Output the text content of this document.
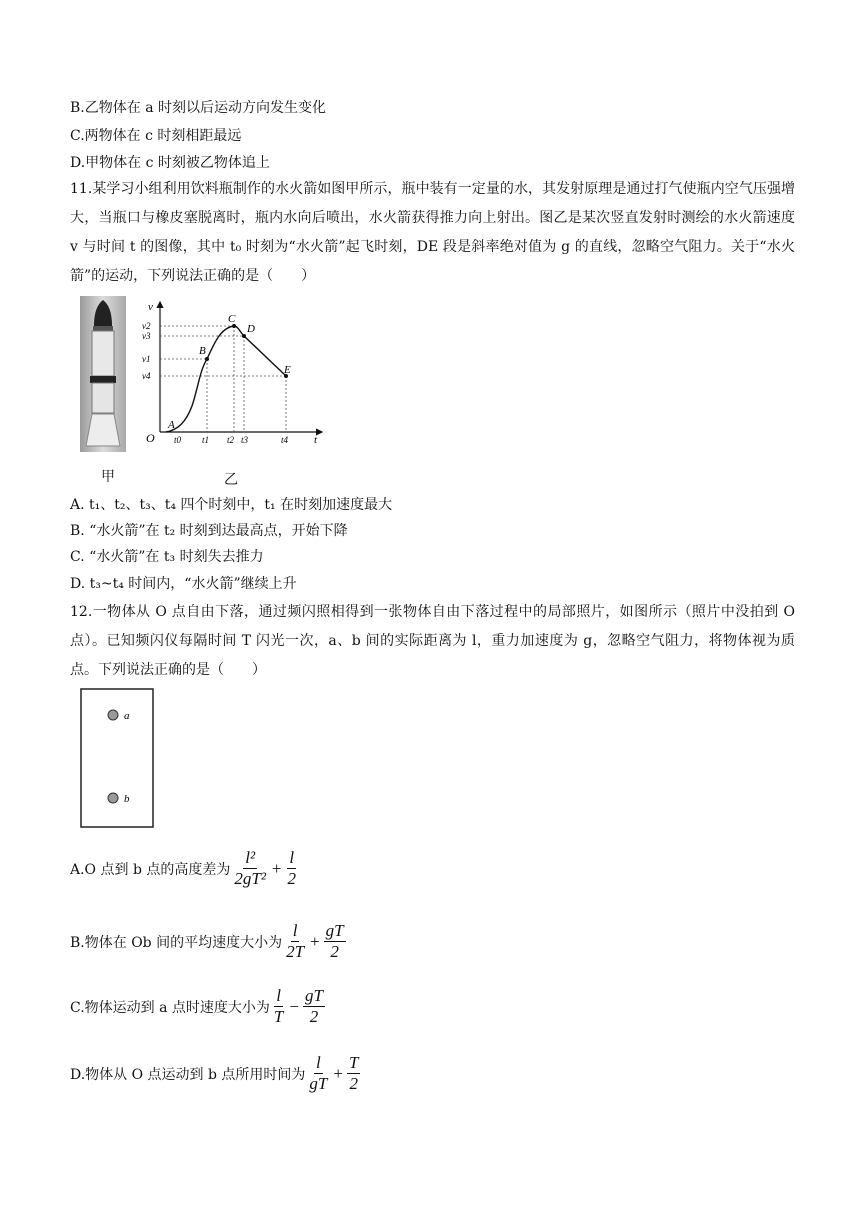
B.乙物体在 a 时刻以后运动方向发生变化
C.两物体在 c 时刻相距最远
D.甲物体在 c 时刻被乙物体追上
11.某学习小组利用饮料瓶制作的水火箭如图甲所示，瓶中装有一定量的水，其发射原理是通过打气使瓶内空气压强增大，当瓶口与橡皮塞脱离时，瓶内水向后喷出，水火箭获得推力向上射出。图乙是某次竖直发射时测绘的水火箭速度 v 与时间 t 的图像，其中 t₀ 时刻为“水火箭”起飞时刻，DE 段是斜率绝对值为 g 的直线，忽略空气阻力。关于“水火箭”的运动，下列说法正确的是（　　）
v
t
O
A
B
C
D
E
v2
v3
v1
v4
t0 t1 t2 t3	t4
甲	乙
A. t₁、t₂、t₃、t₄ 四个时刻中，t₁ 在时刻加速度最大
B. “水火箭”在 t₂ 时刻到达最高点，开始下降
C. “水火箭”在 t₃ 时刻失去推力
D. t₃~t₄ 时间内，“水火箭”继续上升
12.一物体从 O 点自由下落，通过频闪照相得到一张物体自由下落过程中的局部照片，如图所示（照片中没拍到 O 点）。已知频闪仪每隔时间 T 闪光一次，a、b 间的实际距离为 l，重力加速度为 g，忽略空气阻力，将物体视为质点。下列说法正确的是（　　）
a
b
A.O 点到 b 点的高度差为 $\frac{\text{l²}}{\text{2gT²}} + \frac{l}{2}$
B.物体在 Ob 间的平均速度大小为 $\frac{l}{2T} + \frac{gT}{2}$
C.物体运动到 a 点时速度大小为 $\frac{l}{T} - \frac{gT}{2}$
D.物体从 O 点运动到 b 点所用时间为 $\frac{l}{gT} + \frac{T}{2}$
